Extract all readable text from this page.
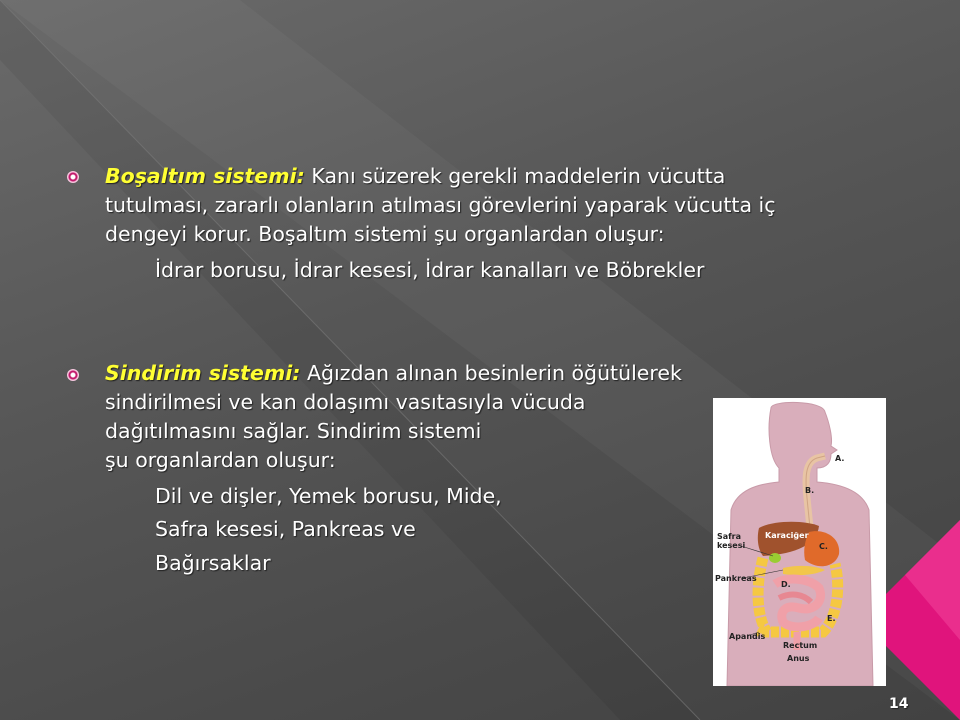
Boşaltım sistemi: Kanı süzerek gerekli maddelerin vücutta
tutulması, zararlı olanların atılması görevlerini yaparak vücutta iç
dengeyi korur. Boşaltım sistemi şu organlardan oluşur:
İdrar borusu, İdrar kesesi, İdrar kanalları ve Böbrekler
Sindirim sistemi: Ağızdan alınan besinlerin öğütülerek
sindirilmesi ve kan dolaşımı vasıtasıyla vücuda
dağıtılmasını sağlar. Sindirim sistemi
şu organlardan oluşur:
Dil ve dişler, Yemek borusu, Mide,
Safra kesesi, Pankreas ve
Bağırsaklar
A.
B.
Karaciğer
C.
Safra
kesesi
Pankreas
D.
E.
Apandis
Rectum
Anus
14
